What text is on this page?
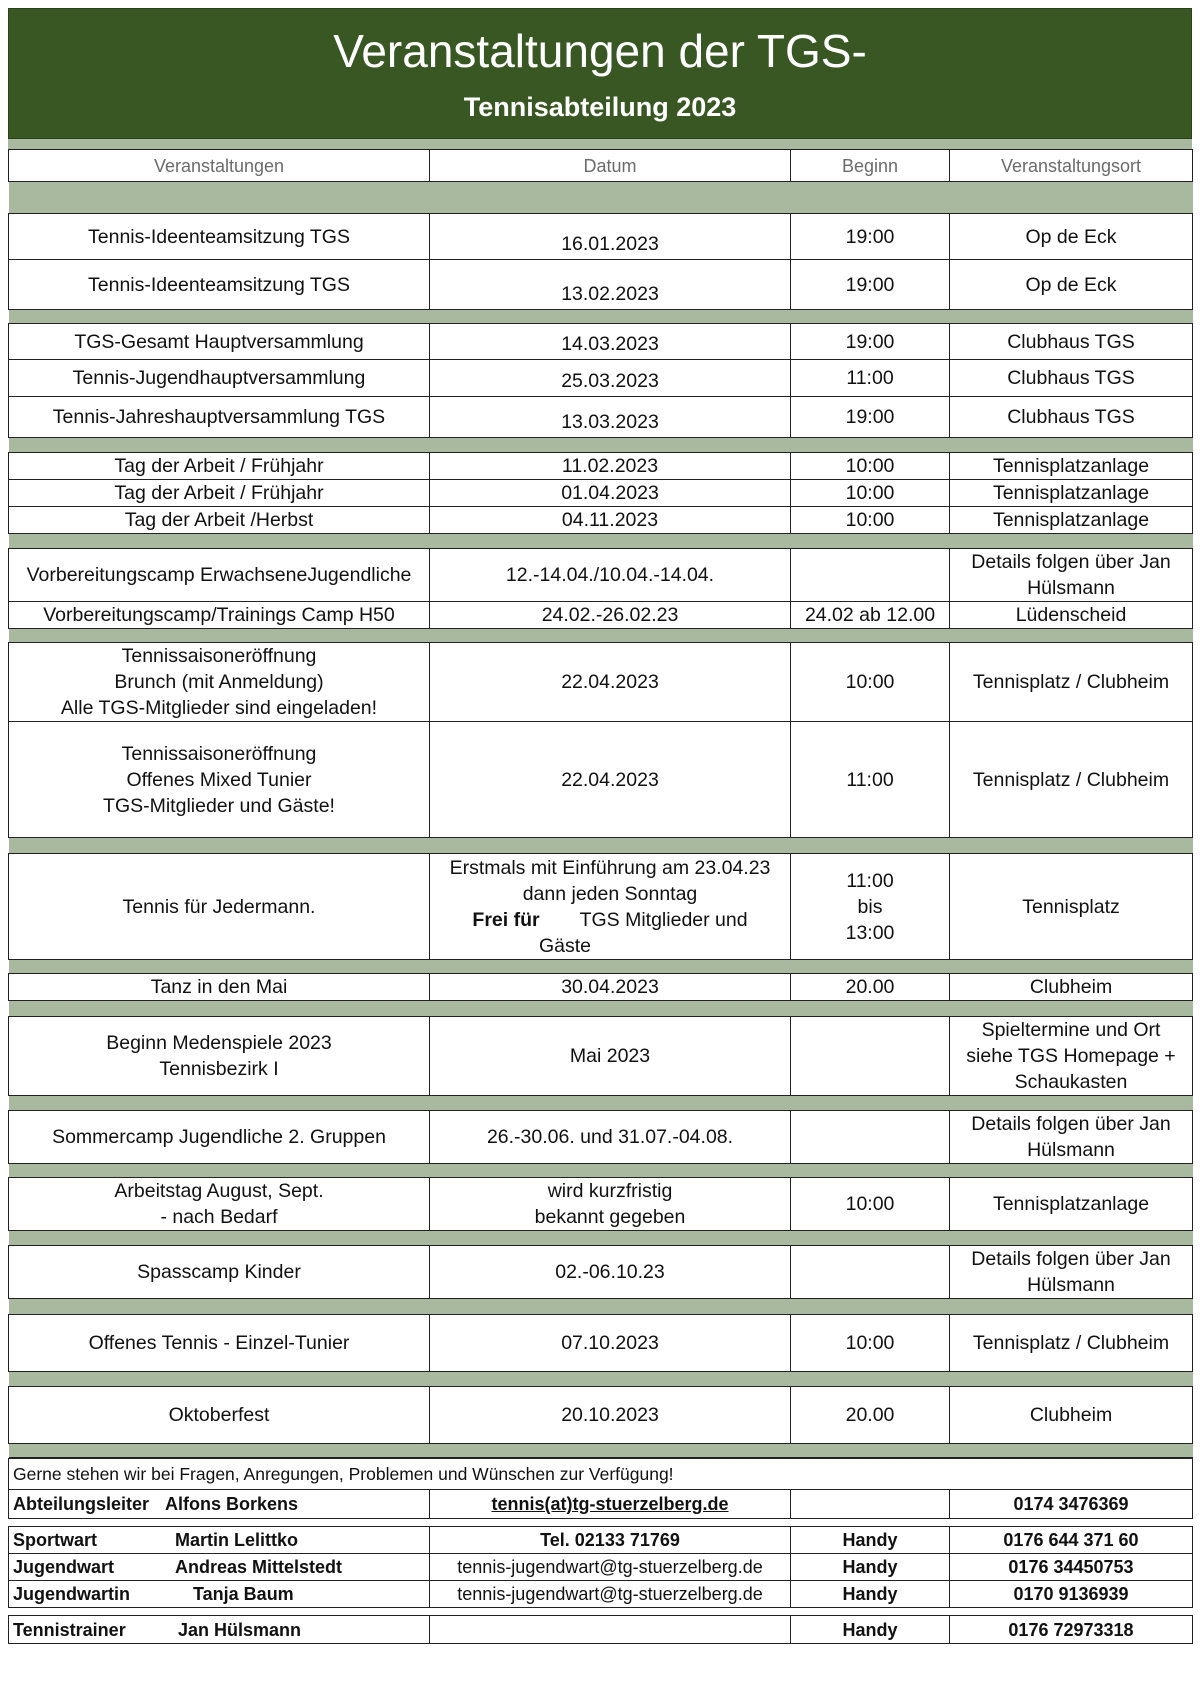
Veranstaltungen der TGS-
Tennisabteilung 2023
Veranstaltungen	Datum	Beginn	Veranstaltungsort

Tennis-Ideenteamsitzung TGS	16.01.2023	19:00	Op de Eck
Tennis-Ideenteamsitzung TGS	13.02.2023	19:00	Op de Eck

TGS-Gesamt Hauptversammlung	14.03.2023	19:00	Clubhaus TGS
Tennis-Jugendhauptversammlung	25.03.2023	11:00	Clubhaus TGS
Tennis-Jahreshauptversammlung TGS	13.03.2023	19:00	Clubhaus TGS

Tag der Arbeit / Frühjahr	11.02.2023	10:00	Tennisplatzanlage
Tag der Arbeit / Frühjahr	01.04.2023	10:00	Tennisplatzanlage
Tag der Arbeit /Herbst	04.11.2023	10:00	Tennisplatzanlage

Vorbereitungscamp ErwachseneJugendliche	12.-14.04./10.04.-14.04.		Details folgen über Jan
Hülsmann
Vorbereitungscamp/Trainings Camp H50	24.02.-26.02.23	24.02 ab 12.00	Lüdenscheid

Tennissaisoneröffnung
Brunch (mit Anmeldung)
Alle TGS-Mitglieder sind eingeladen!	22.04.2023	10:00	Tennisplatz / Clubheim
Tennissaisoneröffnung
Offenes Mixed Tunier
TGS-Mitglieder und Gäste!	22.04.2023	11:00	Tennisplatz / Clubheim

Tennis für Jedermann.	Erstmals mit Einführung am 23.04.23
dann jeden Sonntag
Frei für TGS Mitglieder und
Gäste	11:00
bis
13:00	Tennisplatz

Tanz in den Mai	30.04.2023	20.00	Clubheim

Beginn Medenspiele 2023
Tennisbezirk I	Mai 2023		Spieltermine und Ort
siehe TGS Homepage +
Schaukasten

Sommercamp Jugendliche 2. Gruppen	26.-30.06. und 31.07.-04.08.		Details folgen über Jan
Hülsmann

Arbeitstag August, Sept.
- nach Bedarf	wird kurzfristig
bekannt gegeben	10:00	Tennisplatzanlage

Spasscamp Kinder	02.-06.10.23		Details folgen über Jan
Hülsmann

Offenes Tennis - Einzel-Tunier	07.10.2023	10:00	Tennisplatz / Clubheim

Oktoberfest	20.10.2023	20.00	Clubheim

Gerne stehen wir bei Fragen, Anregungen, Problemen und Wünschen zur Verfügung!			
Abteilungsleiter Alfons Borkens	tennis(at)tg-stuerzelberg.de		0174 3476369

Sportwart Martin Lelittko	Tel. 02133 71769	Handy	0176 644 371 60
Jugendwart Andreas Mittelstedt	tennis-jugendwart@tg-stuerzelberg.de	Handy	0176 34450753
Jugendwartin Tanja Baum	tennis-jugendwart@tg-stuerzelberg.de	Handy	0170 9136939

Tennistrainer Jan Hülsmann		Handy	0176 72973318
